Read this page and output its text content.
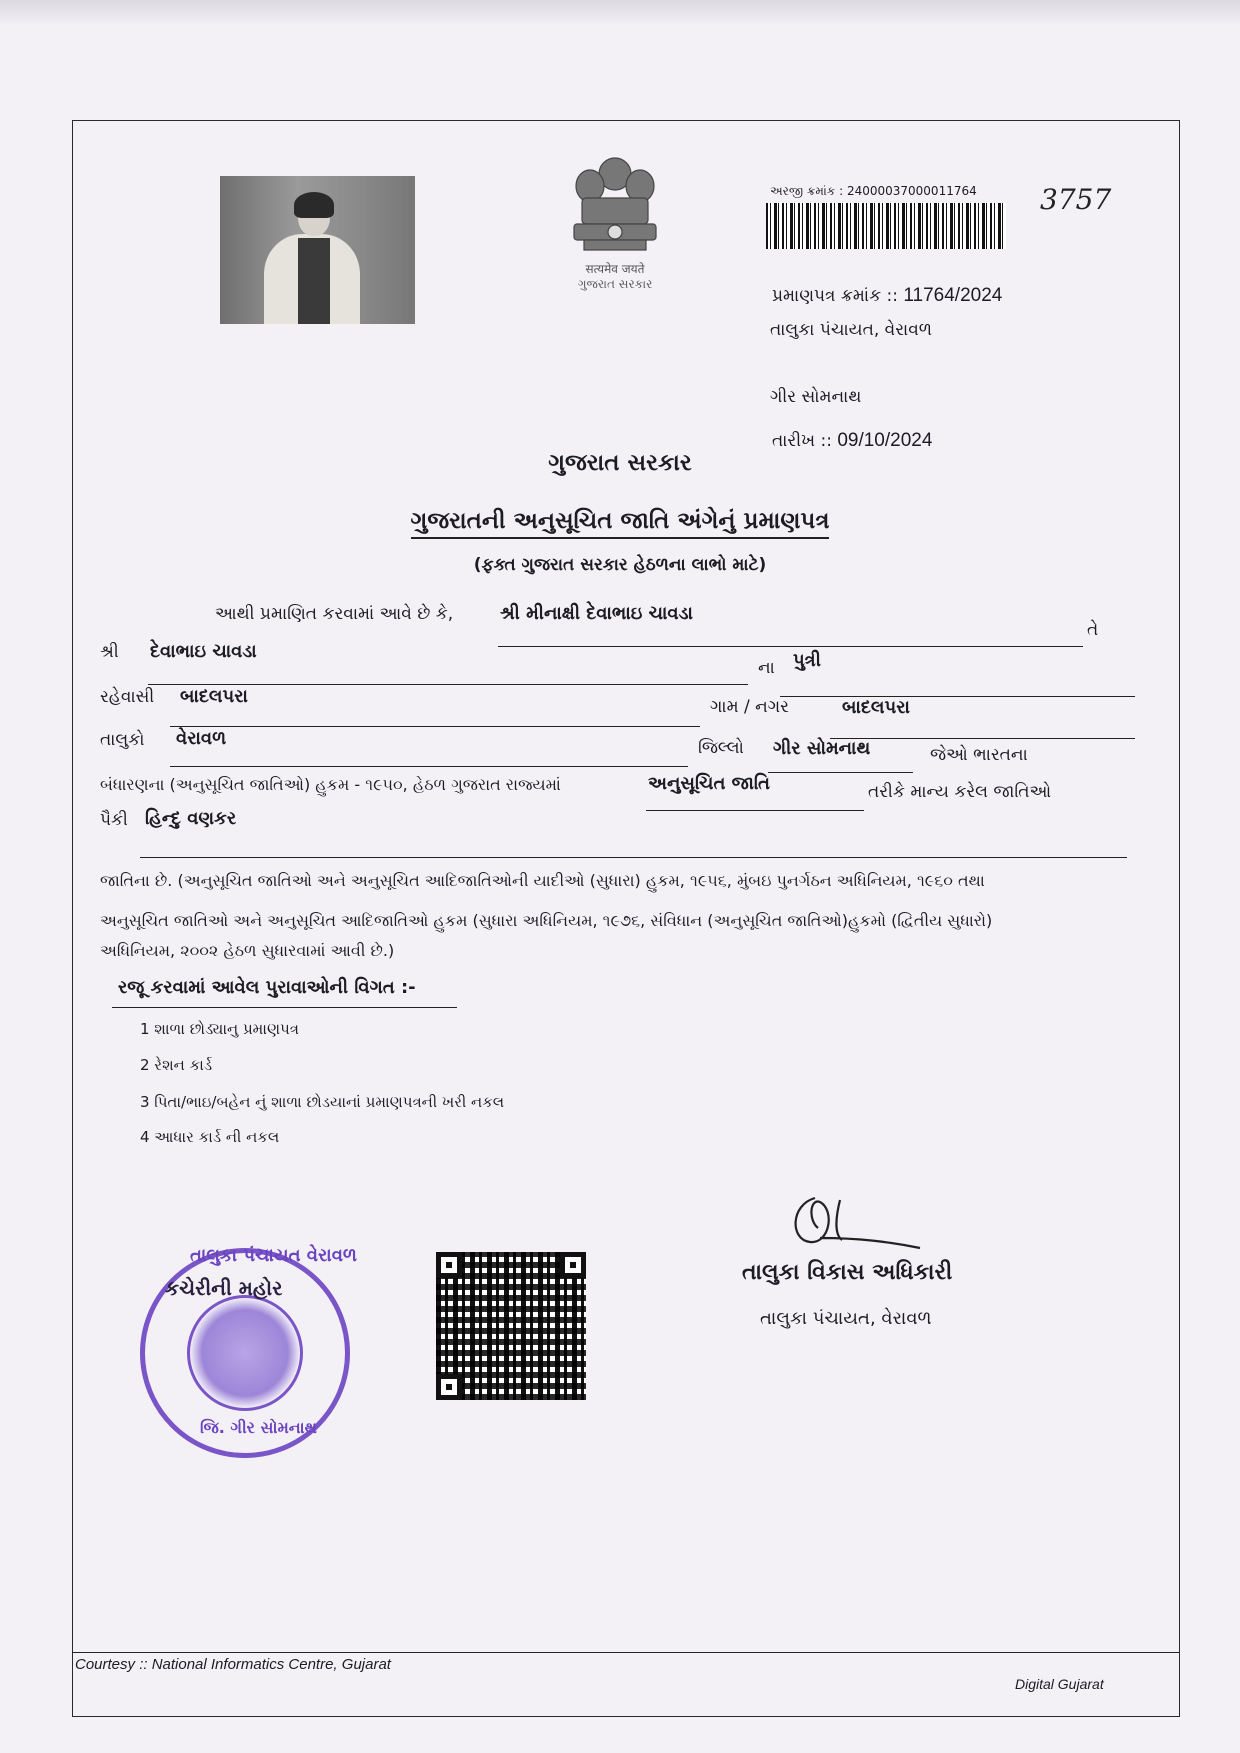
सत्यमेव जयते
ગુજરાત સરકાર
અરજી ક્રમાંક : 24000037000011764 3757
પ્રમાણપત્ર ક્રમાંક :: 11764/2024
તાલુકા પંચાયત, વેરાવળ
ગીર સોમનાથ
તારીખ :: 09/10/2024
ગુજરાત સરકાર
ગુજરાતની અનુસૂચિત જાતિ અંગેનું પ્રમાણપત્ર
(ફક્ત ગુજરાત સરકાર હેઠળના લાભો માટે)
આથી પ્રમાણિત કરવામાં આવે છે કે,	શ્રી મીનાક્ષી દેવાભાઇ ચાવડા
તે
શ્રી દેવાભાઇ ચાવડા
ના પુત્રી
રહેવાસી બાદલપરા	ગામ / નગર	બાદલપરા
તાલુકો વેરાવળ	જિલ્લો ગીર સોમનાથ	જેઓ ભારતના
બંધારણના (અનુસૂચિત જાતિઓ) હુકમ - ૧૯૫૦, હેઠળ ગુજરાત રાજ્યમાં	અનુસૂચિત જાતિ	તરીકે માન્ય કરેલ જાતિઓ
પૈકી હિન્દુ વણકર
જાતિના છે. (અનુસૂચિત જાતિઓ અને અનુસૂચિત આદિજાતિઓની યાદીઓ (સુધારા) હુકમ, ૧૯૫૬, મુંબઇ પુનર્ગઠન અધિનિયમ, ૧૯૬૦ તથા
અનુસૂચિત જાતિઓ અને અનુસૂચિત આદિજાતિઓ હુકમ (સુધારા અધિનિયમ, ૧૯૭૬, સંવિધાન (અનુસૂચિત જાતિઓ)હુકમો (દ્વિતીય સુધારો)
અધિનિયમ, ૨૦૦૨ હેઠળ સુધારવામાં આવી છે.)
રજૂ કરવામાં આવેલ પુરાવાઓની વિગત :-
1 શાળા છોડ્યાનુ પ્રમાણપત્ર
2 રેશન કાર્ડ
3 પિતા/ભાઇ/બહેન નું શાળા છોડયાનાં પ્રમાણપત્રની ખરી નકલ
4 આધાર કાર્ડ ની નકલ
તાલુકા પંચાયત વેરાવળ
કચેરીની મહોર
જિ. ગીર સોમનાથ
તાલુકા વિકાસ અધિકારી
તાલુકા પંચાયત, વેરાવળ
Courtesy :: National Informatics Centre, Gujarat
Digital Gujarat
